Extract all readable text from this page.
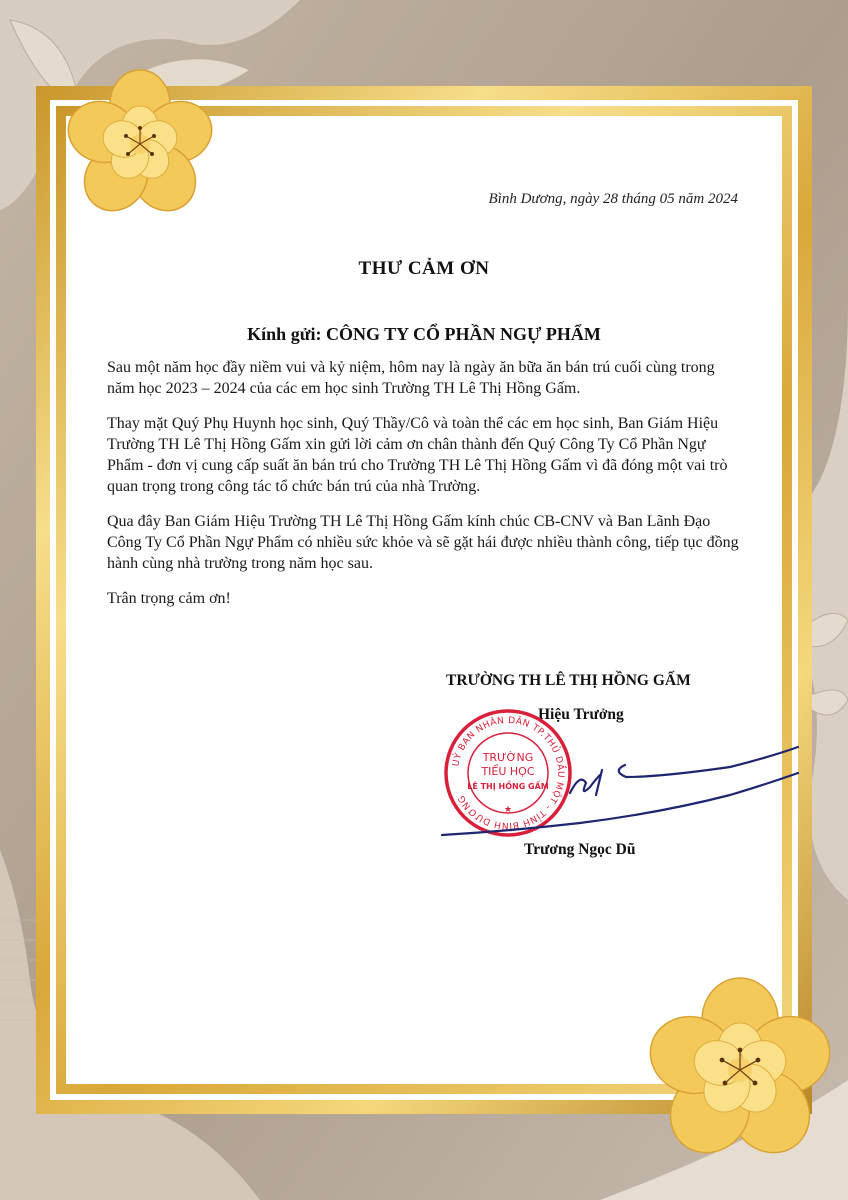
Bình Dương, ngày 28 tháng 05 năm 2024
THƯ CẢM ƠN
Kính gửi: CÔNG TY CỔ PHẦN NGỰ PHẨM

Sau một năm học đầy niềm vui và kỷ niệm, hôm nay là ngày ăn bữa ăn bán trú cuối cùng trong năm học 2023 – 2024 của các em học sinh Trường TH Lê Thị Hồng Gấm.

Thay mặt Quý Phụ Huynh học sinh, Quý Thầy/Cô và toàn thể các em học sinh, Ban Giám Hiệu Trường TH Lê Thị Hồng Gấm xin gửi lời cảm ơn chân thành đến Quý Công Ty Cổ Phần Ngự Phẩm - đơn vị cung cấp suất ăn bán trú cho Trường TH Lê Thị Hồng Gấm vì đã đóng một vai trò quan trọng trong công tác tổ chức bán trú của nhà Trường.

Qua đây Ban Giám Hiệu Trường TH Lê Thị Hồng Gấm kính chúc CB-CNV và Ban Lãnh Đạo Công Ty Cổ Phần Ngự Phẩm có nhiều sức khỏe và sẽ gặt hái được nhiều thành công, tiếp tục đồng hành cùng nhà trường trong năm học sau.

Trân trọng cảm ơn!

TRƯỜNG TH LÊ THỊ HỒNG GẤM
Hiệu Trưởng
UỶ BAN NHÂN DÂN TP.THỦ DẦU MỘT - TỈNH BÌNH DƯƠNG
TRƯỜNG
TIỂU HỌC
LÊ THỊ HỒNG GẤM
★
Trương Ngọc Dũ
